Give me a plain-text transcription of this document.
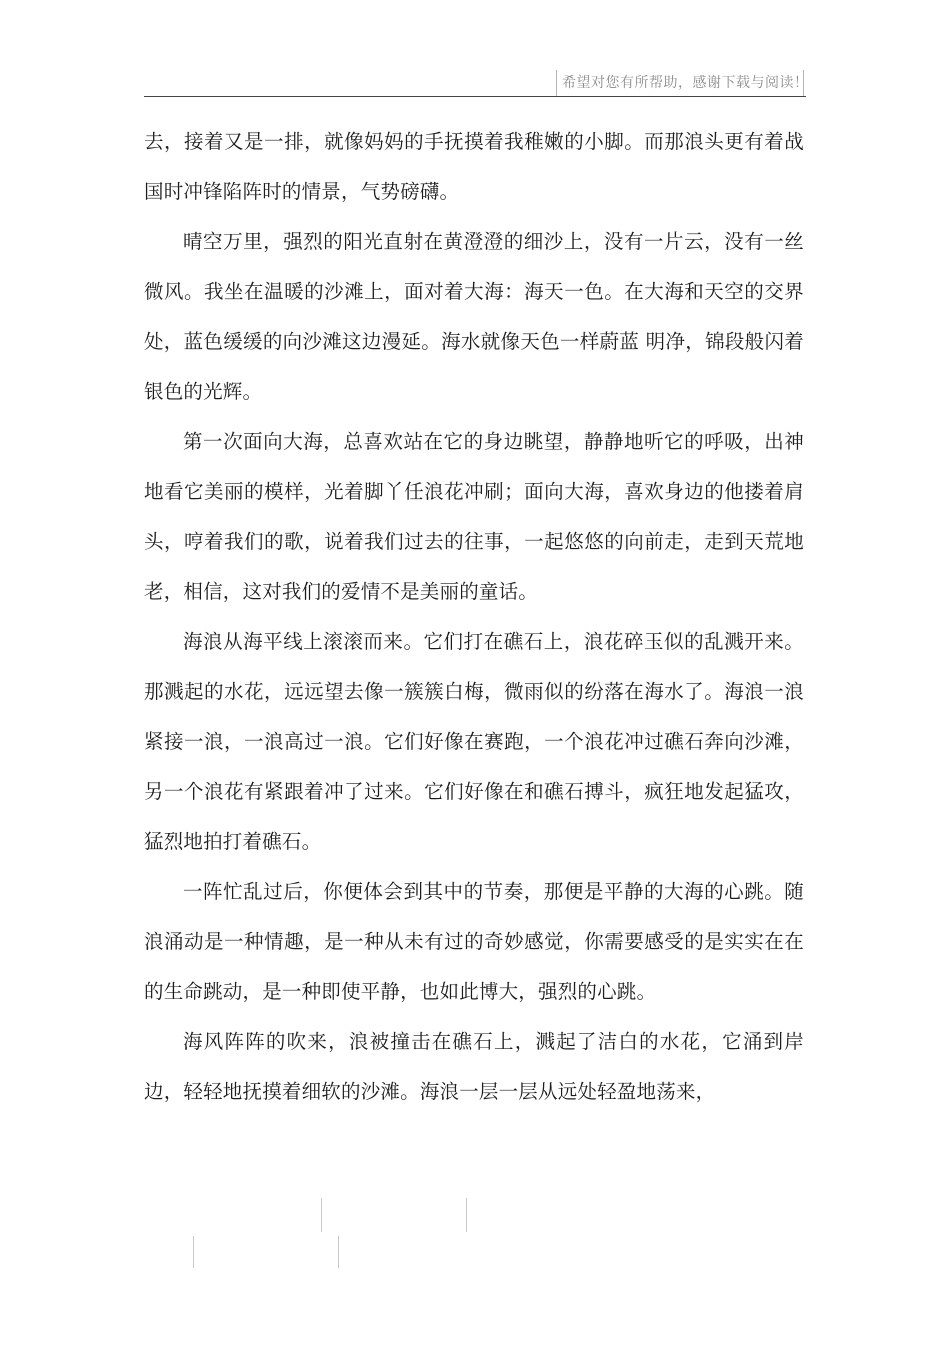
希望对您有所帮助，感谢下载与阅读！

去，接着又是一排，就像妈妈的手抚摸着我稚嫩的小脚。而那浪头更有着战国时冲锋陷阵时的情景，气势磅礴。

晴空万里，强烈的阳光直射在黄澄澄的细沙上，没有一片云，没有一丝微风。我坐在温暖的沙滩上，面对着大海：海天一色。在大海和天空的交界处，蓝色缓缓的向沙滩这边漫延。海水就像天色一样蔚蓝 明净，锦段般闪着银色的光辉。

第一次面向大海，总喜欢站在它的身边眺望，静静地听它的呼吸，出神地看它美丽的模样，光着脚丫任浪花冲刷；面向大海，喜欢身边的他搂着肩头，哼着我们的歌，说着我们过去的往事，一起悠悠的向前走，走到天荒地老，相信，这对我们的爱情不是美丽的童话。

海浪从海平线上滚滚而来。它们打在礁石上，浪花碎玉似的乱溅开来。那溅起的水花，远远望去像一簇簇白梅，微雨似的纷落在海水了。海浪一浪紧接一浪，一浪高过一浪。它们好像在赛跑，一个浪花冲过礁石奔向沙滩，另一个浪花有紧跟着冲了过来。它们好像在和礁石搏斗，疯狂地发起猛攻，猛烈地拍打着礁石。

一阵忙乱过后，你便体会到其中的节奏，那便是平静的大海的心跳。随浪涌动是一种情趣，是一种从未有过的奇妙感觉，你需要感受的是实实在在的生命跳动，是一种即使平静，也如此博大，强烈的心跳。

海风阵阵的吹来，浪被撞击在礁石上，溅起了洁白的水花，它涌到岸边，轻轻地抚摸着细软的沙滩。海浪一层一层从远处轻盈地荡来，
